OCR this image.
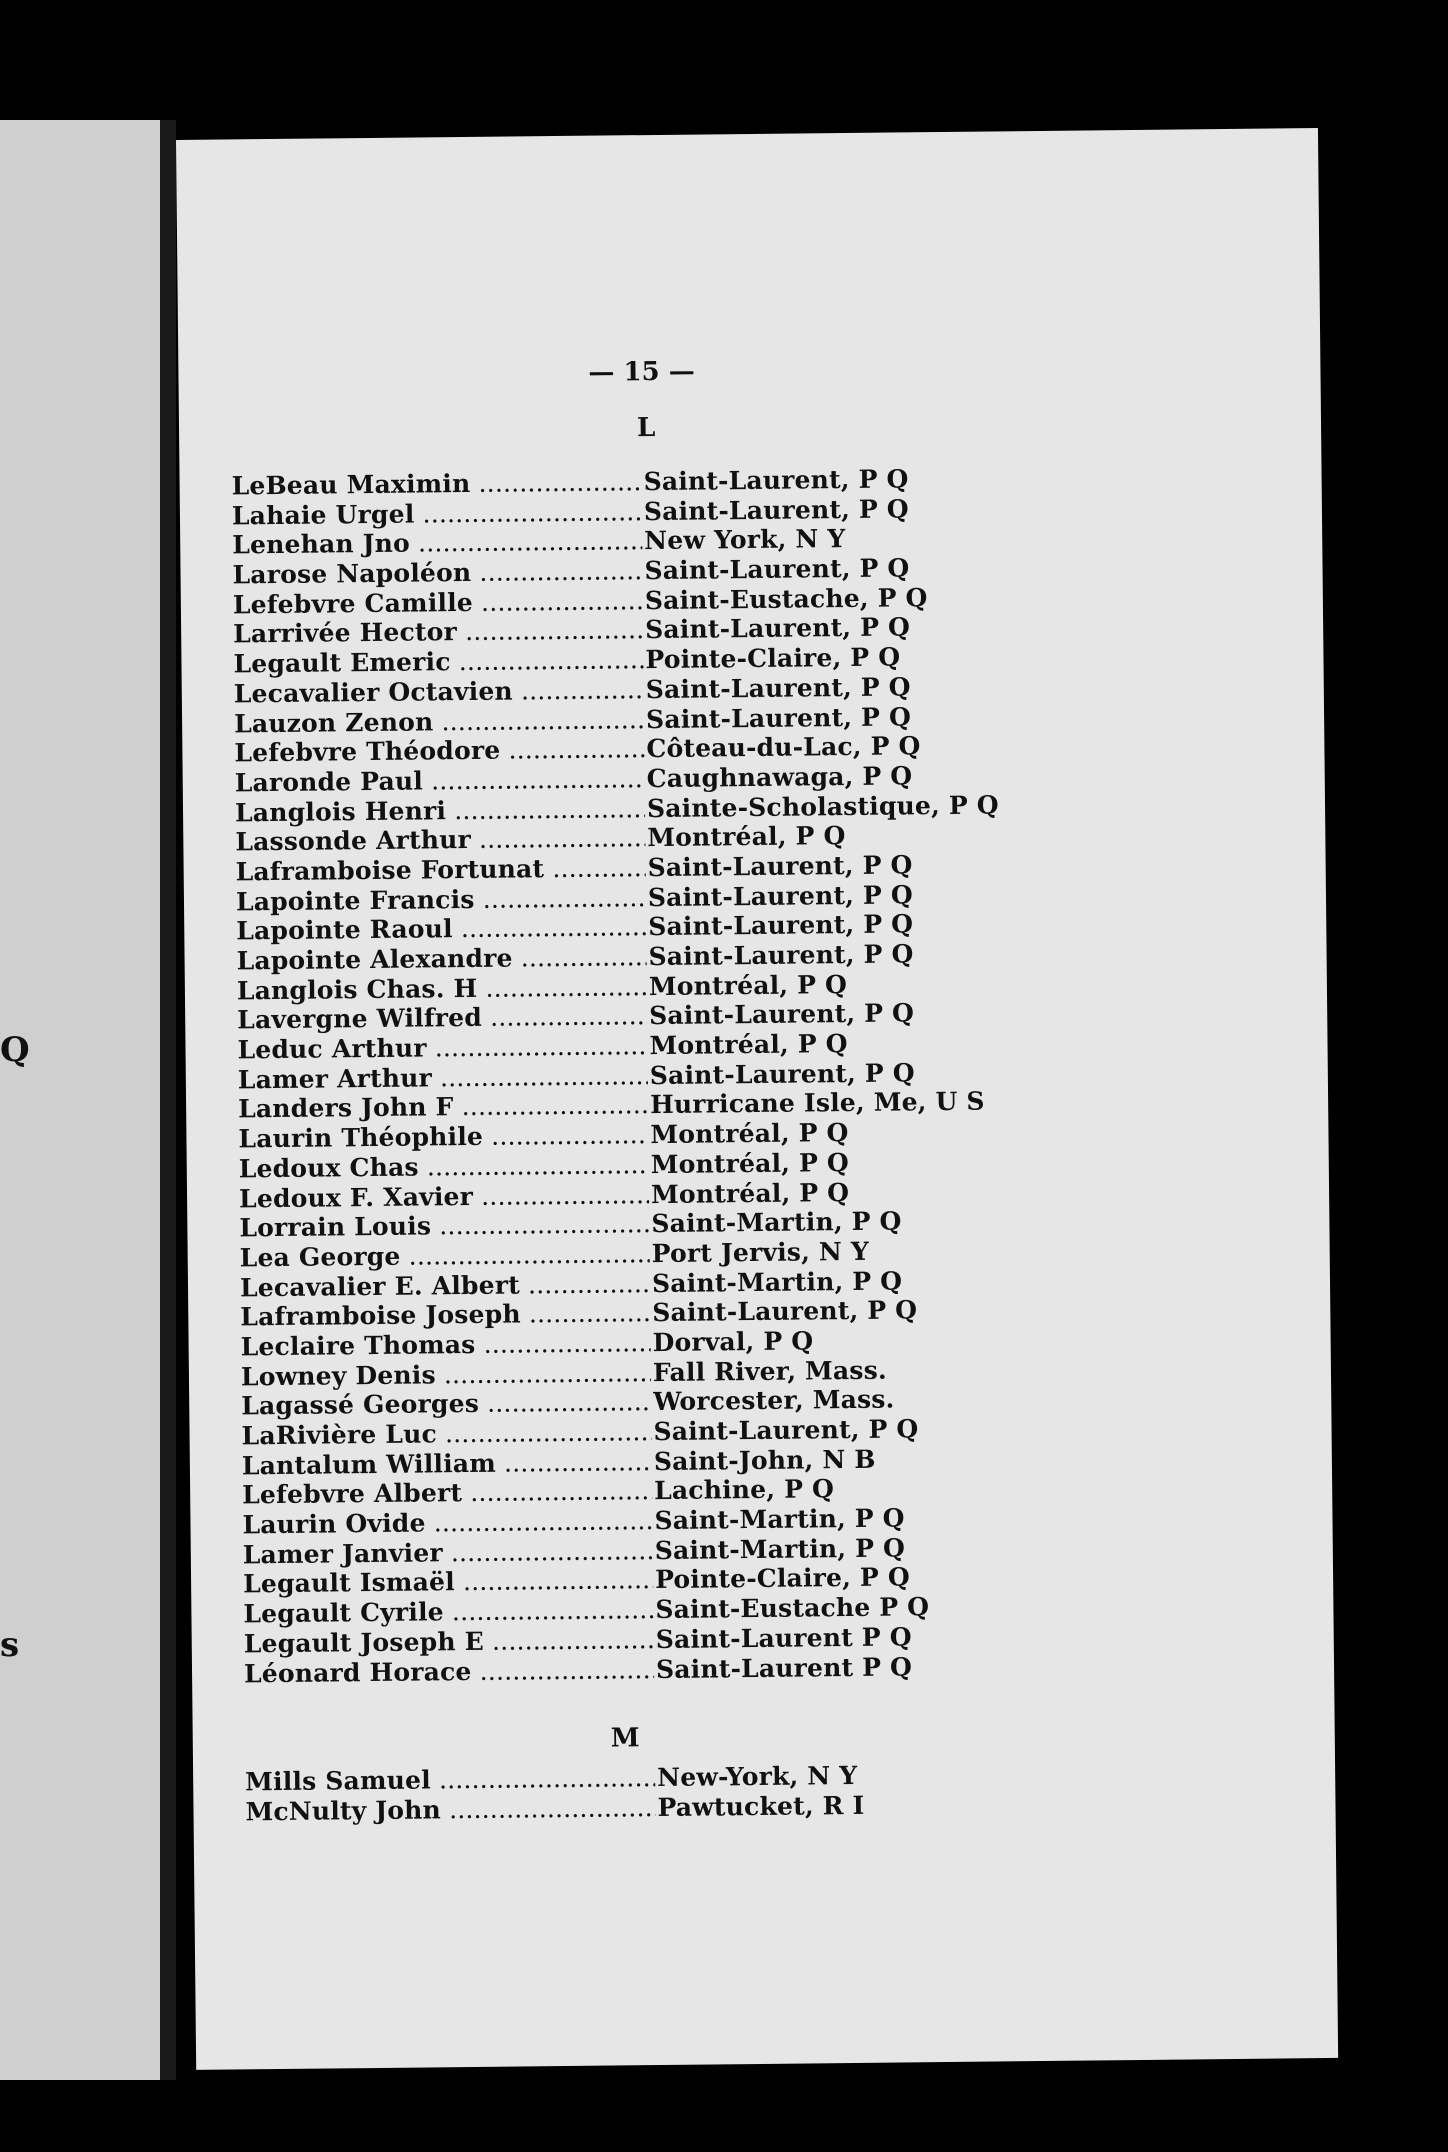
Q
s
— 15 —
L
LeBeau Maximin .....	Saint-Laurent, P Q
Lahaie Urgel .....	Saint-Laurent, P Q
Lenehan Jno .....	New York, N Y
Larose Napoléon .....	Saint-Laurent, P Q
Lefebvre Camille .....	Saint-Eustache, P Q
Larrivée Hector .....	Saint-Laurent, P Q
Legault Emeric .....	Pointe-Claire, P Q
Lecavalier Octavien .....	Saint-Laurent, P Q
Lauzon Zenon .....	Saint-Laurent, P Q
Lefebvre Théodore .....	Côteau-du-Lac, P Q
Laronde Paul .....	Caughnawaga, P Q
Langlois Henri .....	Sainte-Scholastique, P Q
Lassonde Arthur .....	Montréal, P Q
Laframboise Fortunat .....	Saint-Laurent, P Q
Lapointe Francis .....	Saint-Laurent, P Q
Lapointe Raoul .....	Saint-Laurent, P Q
Lapointe Alexandre .....	Saint-Laurent, P Q
Langlois Chas. H .....	Montréal, P Q
Lavergne Wilfred .....	Saint-Laurent, P Q
Leduc Arthur .....	Montréal, P Q
Lamer Arthur .....	Saint-Laurent, P Q
Landers John F .....	Hurricane Isle, Me, U S
Laurin Théophile .....	Montréal, P Q
Ledoux Chas .....	Montréal, P Q
Ledoux F. Xavier .....	Montréal, P Q
Lorrain Louis .....	Saint-Martin, P Q
Lea George .....	Port Jervis, N Y
Lecavalier E. Albert .....	Saint-Martin, P Q
Laframboise Joseph .....	Saint-Laurent, P Q
Leclaire Thomas .....	Dorval, P Q
Lowney Denis .....	Fall River, Mass.
Lagassé Georges .....	Worcester, Mass.
LaRivière Luc .....	Saint-Laurent, P Q
Lantalum William .....	Saint-John, N B
Lefebvre Albert .....	Lachine, P Q
Laurin Ovide .....	Saint-Martin, P Q
Lamer Janvier .....	Saint-Martin, P Q
Legault Ismaël .....	Pointe-Claire, P Q
Legault Cyrile .....	Saint-Eustache P Q
Legault Joseph E .....	Saint-Laurent P Q
Léonard Horace .....	Saint-Laurent P Q
M
Mills Samuel .....	New-York, N Y
McNulty John .....	Pawtucket, R I
